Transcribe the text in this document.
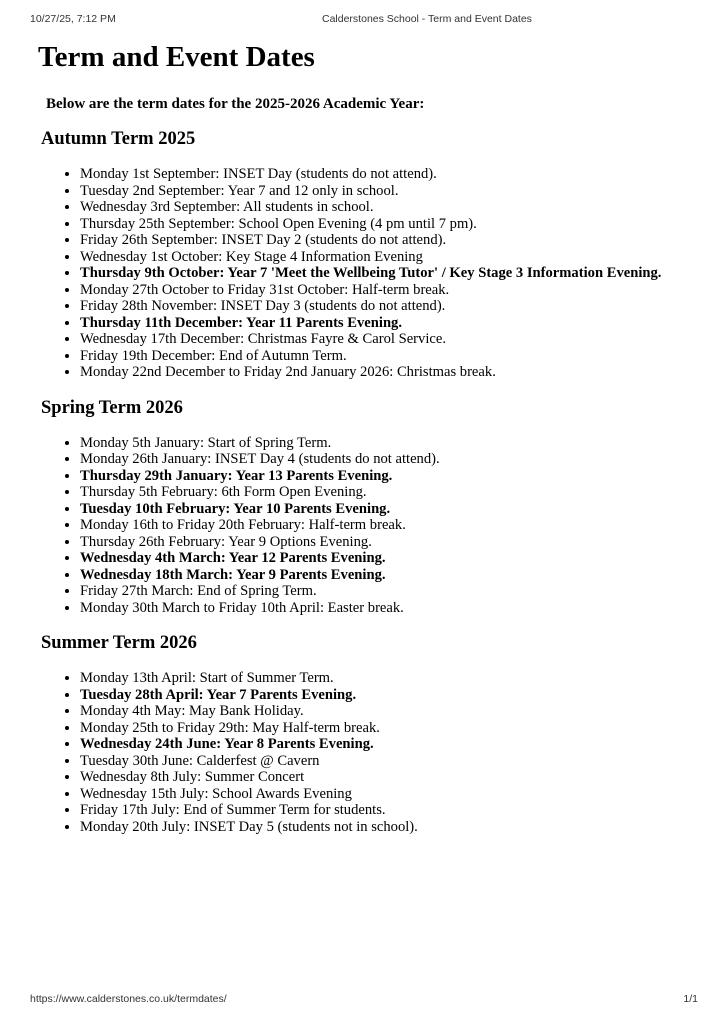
10/27/25, 7:12 PM	Calderstones School - Term and Event Dates
Term and Event Dates

Below are the term dates for the 2025-2026 Academic Year:

Autumn Term 2025
• Monday 1st September: INSET Day (students do not attend).
• Tuesday 2nd September: Year 7 and 12 only in school.
• Wednesday 3rd September: All students in school.
• Thursday 25th September: School Open Evening (4 pm until 7 pm).
• Friday 26th September: INSET Day 2 (students do not attend).
• Wednesday 1st October: Key Stage 4 Information Evening
• Thursday 9th October: Year 7 'Meet the Wellbeing Tutor' / Key Stage 3 Information Evening.
• Monday 27th October to Friday 31st October: Half-term break.
• Friday 28th November: INSET Day 3 (students do not attend).
• Thursday 11th December: Year 11 Parents Evening.
• Wednesday 17th December: Christmas Fayre & Carol Service.
• Friday 19th December: End of Autumn Term.
• Monday 22nd December to Friday 2nd January 2026: Christmas break.
Spring Term 2026
• Monday 5th January: Start of Spring Term.
• Monday 26th January: INSET Day 4 (students do not attend).
• Thursday 29th January: Year 13 Parents Evening.
• Thursday 5th February: 6th Form Open Evening.
• Tuesday 10th February: Year 10 Parents Evening.
• Monday 16th to Friday 20th February: Half-term break.
• Thursday 26th February: Year 9 Options Evening.
• Wednesday 4th March: Year 12 Parents Evening.
• Wednesday 18th March: Year 9 Parents Evening.
• Friday 27th March: End of Spring Term.
• Monday 30th March to Friday 10th April: Easter break.
Summer Term 2026
• Monday 13th April: Start of Summer Term.
• Tuesday 28th April: Year 7 Parents Evening.
• Monday 4th May: May Bank Holiday.
• Monday 25th to Friday 29th: May Half-term break.
• Wednesday 24th June: Year 8 Parents Evening.
• Tuesday 30th June: Calderfest @ Cavern
• Wednesday 8th July: Summer Concert
• Wednesday 15th July: School Awards Evening
• Friday 17th July: End of Summer Term for students.
• Monday 20th July: INSET Day 5 (students not in school).
https://www.calderstones.co.uk/termdates/	1/1
